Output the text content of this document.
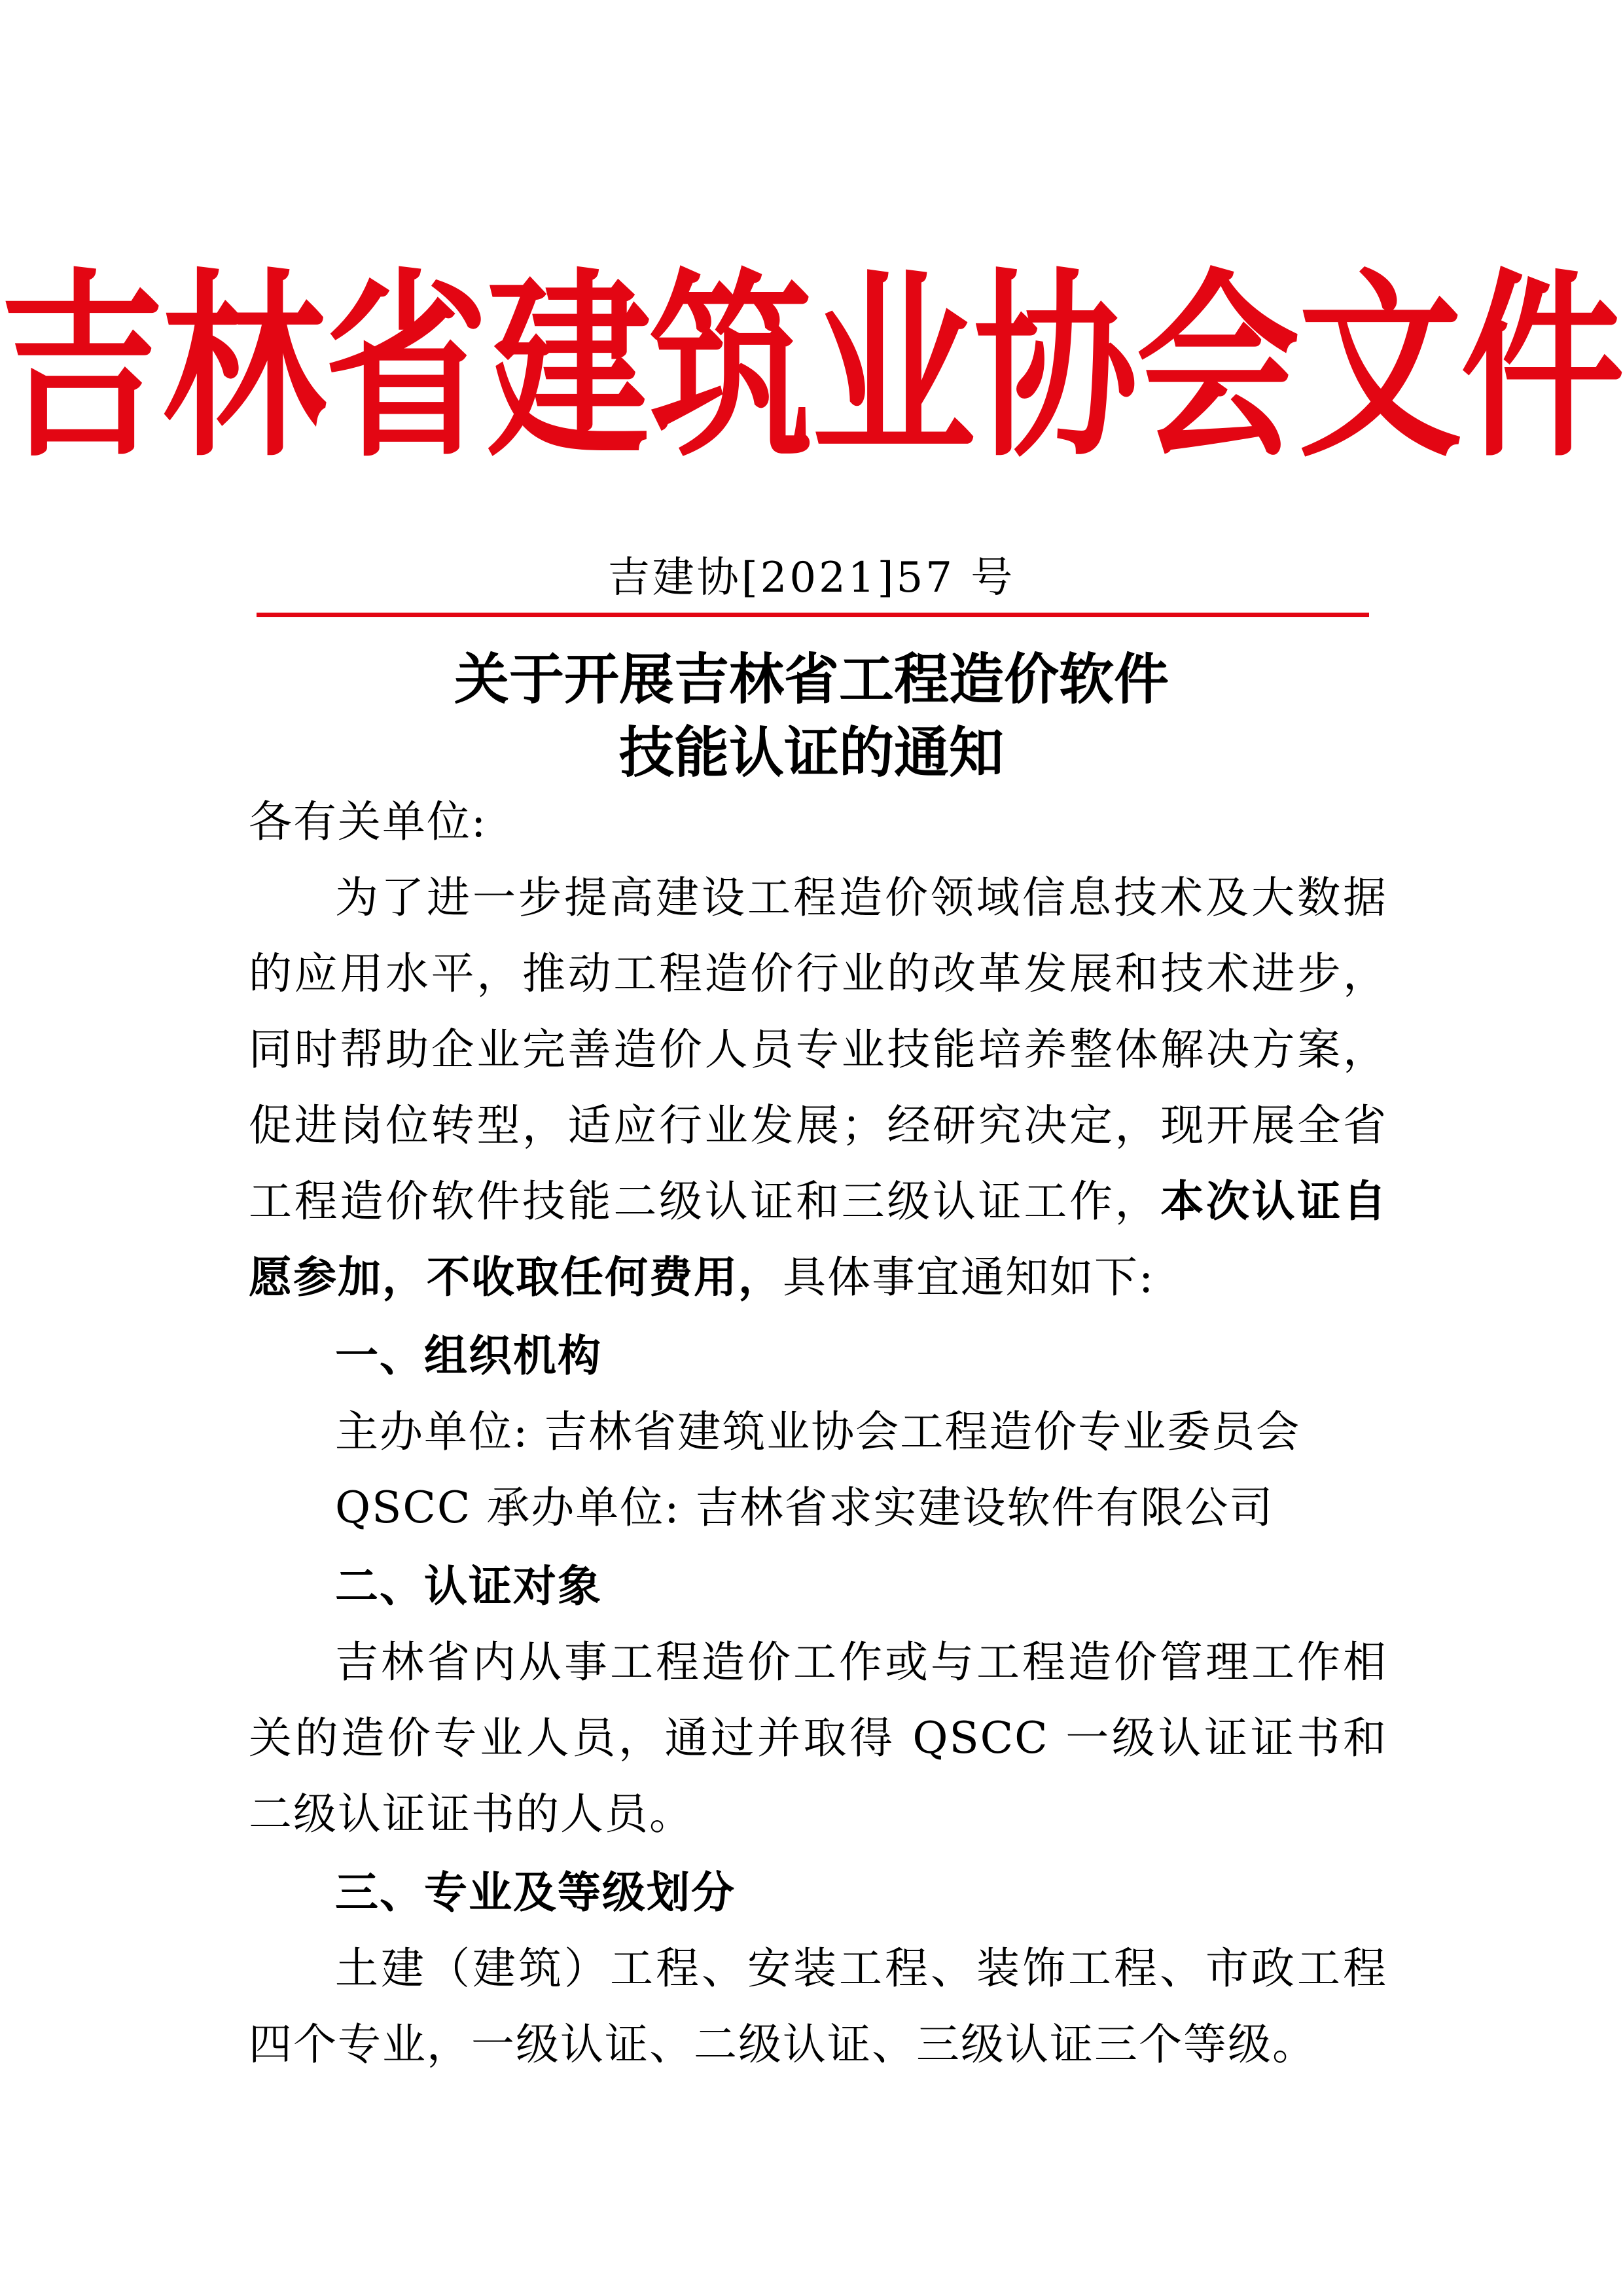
吉林省建筑业协会文件
吉建协[2021]57 号
关于开展吉林省工程造价软件
技能认证的通知

各有关单位:

为了进一步提高建设工程造价领域信息技术及大数据的应用水平，推动工程造价行业的改革发展和技术进步，同时帮助企业完善造价人员专业技能培养整体解决方案，促进岗位转型，适应行业发展；经研究决定，现开展全省工程造价软件技能二级认证和三级认证工作，本次认证自愿参加，不收取任何费用，具体事宜通知如下:

一、组织机构

主办单位: 吉林省建筑业协会工程造价专业委员会

QSCC 承办单位: 吉林省求实建设软件有限公司

二、认证对象

吉林省内从事工程造价工作或与工程造价管理工作相关的造价专业人员，通过并取得 QSCC 一级认证证书和二级认证证书的人员。

三、专业及等级划分

土建（建筑）工程、安装工程、装饰工程、市政工程四个专业，一级认证、二级认证、三级认证三个等级。
